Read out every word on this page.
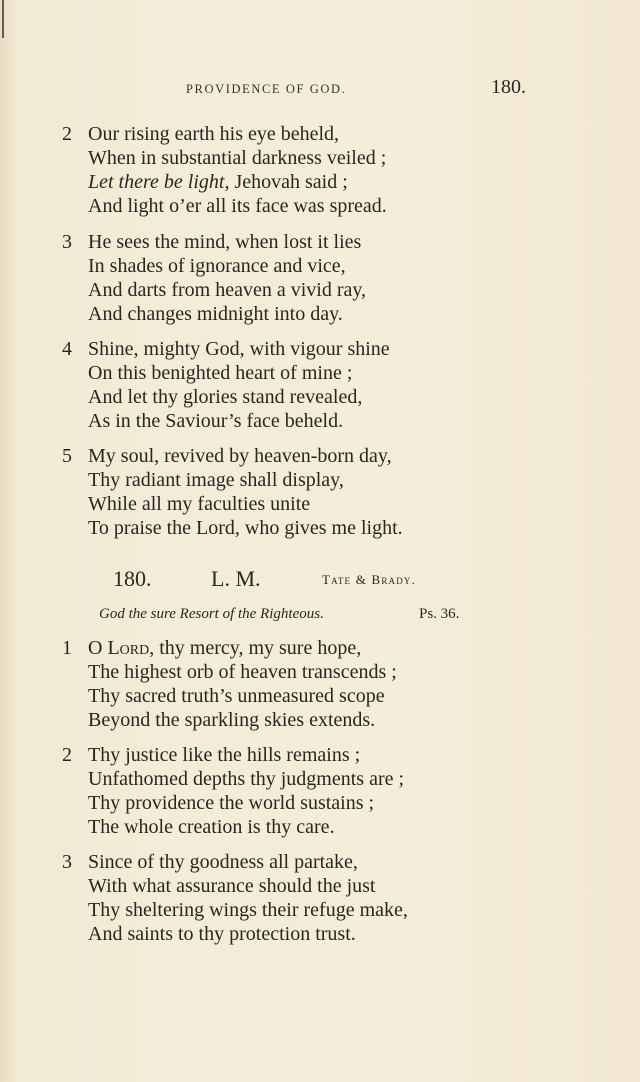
PROVIDENCE OF GOD.	180.
2 Our rising earth his eye beheld,
When in substantial darkness veiled ;
Let there be light, Jehovah said ;
And light o’er all its face was spread.
3 He sees the mind, when lost it lies
In shades of ignorance and vice,
And darts from heaven a vivid ray,
And changes midnight into day.
4 Shine, mighty God, with vigour shine
On this benighted heart of mine ;
And let thy glories stand revealed,
As in the Saviour’s face beheld.
5 My soul, revived by heaven-born day,
Thy radiant image shall display,
While all my faculties unite
To praise the Lord, who gives me light.
180.	L. M.	Tate & Brady.
God the sure Resort of the Righteous.	Ps. 36.
1 O Lord, thy mercy, my sure hope,
The highest orb of heaven transcends ;
Thy sacred truth’s unmeasured scope
Beyond the sparkling skies extends.
2 Thy justice like the hills remains ;
Unfathomed depths thy judgments are ;
Thy providence the world sustains ;
The whole creation is thy care.
3 Since of thy goodness all partake,
With what assurance should the just
Thy sheltering wings their refuge make,
And saints to thy protection trust.
